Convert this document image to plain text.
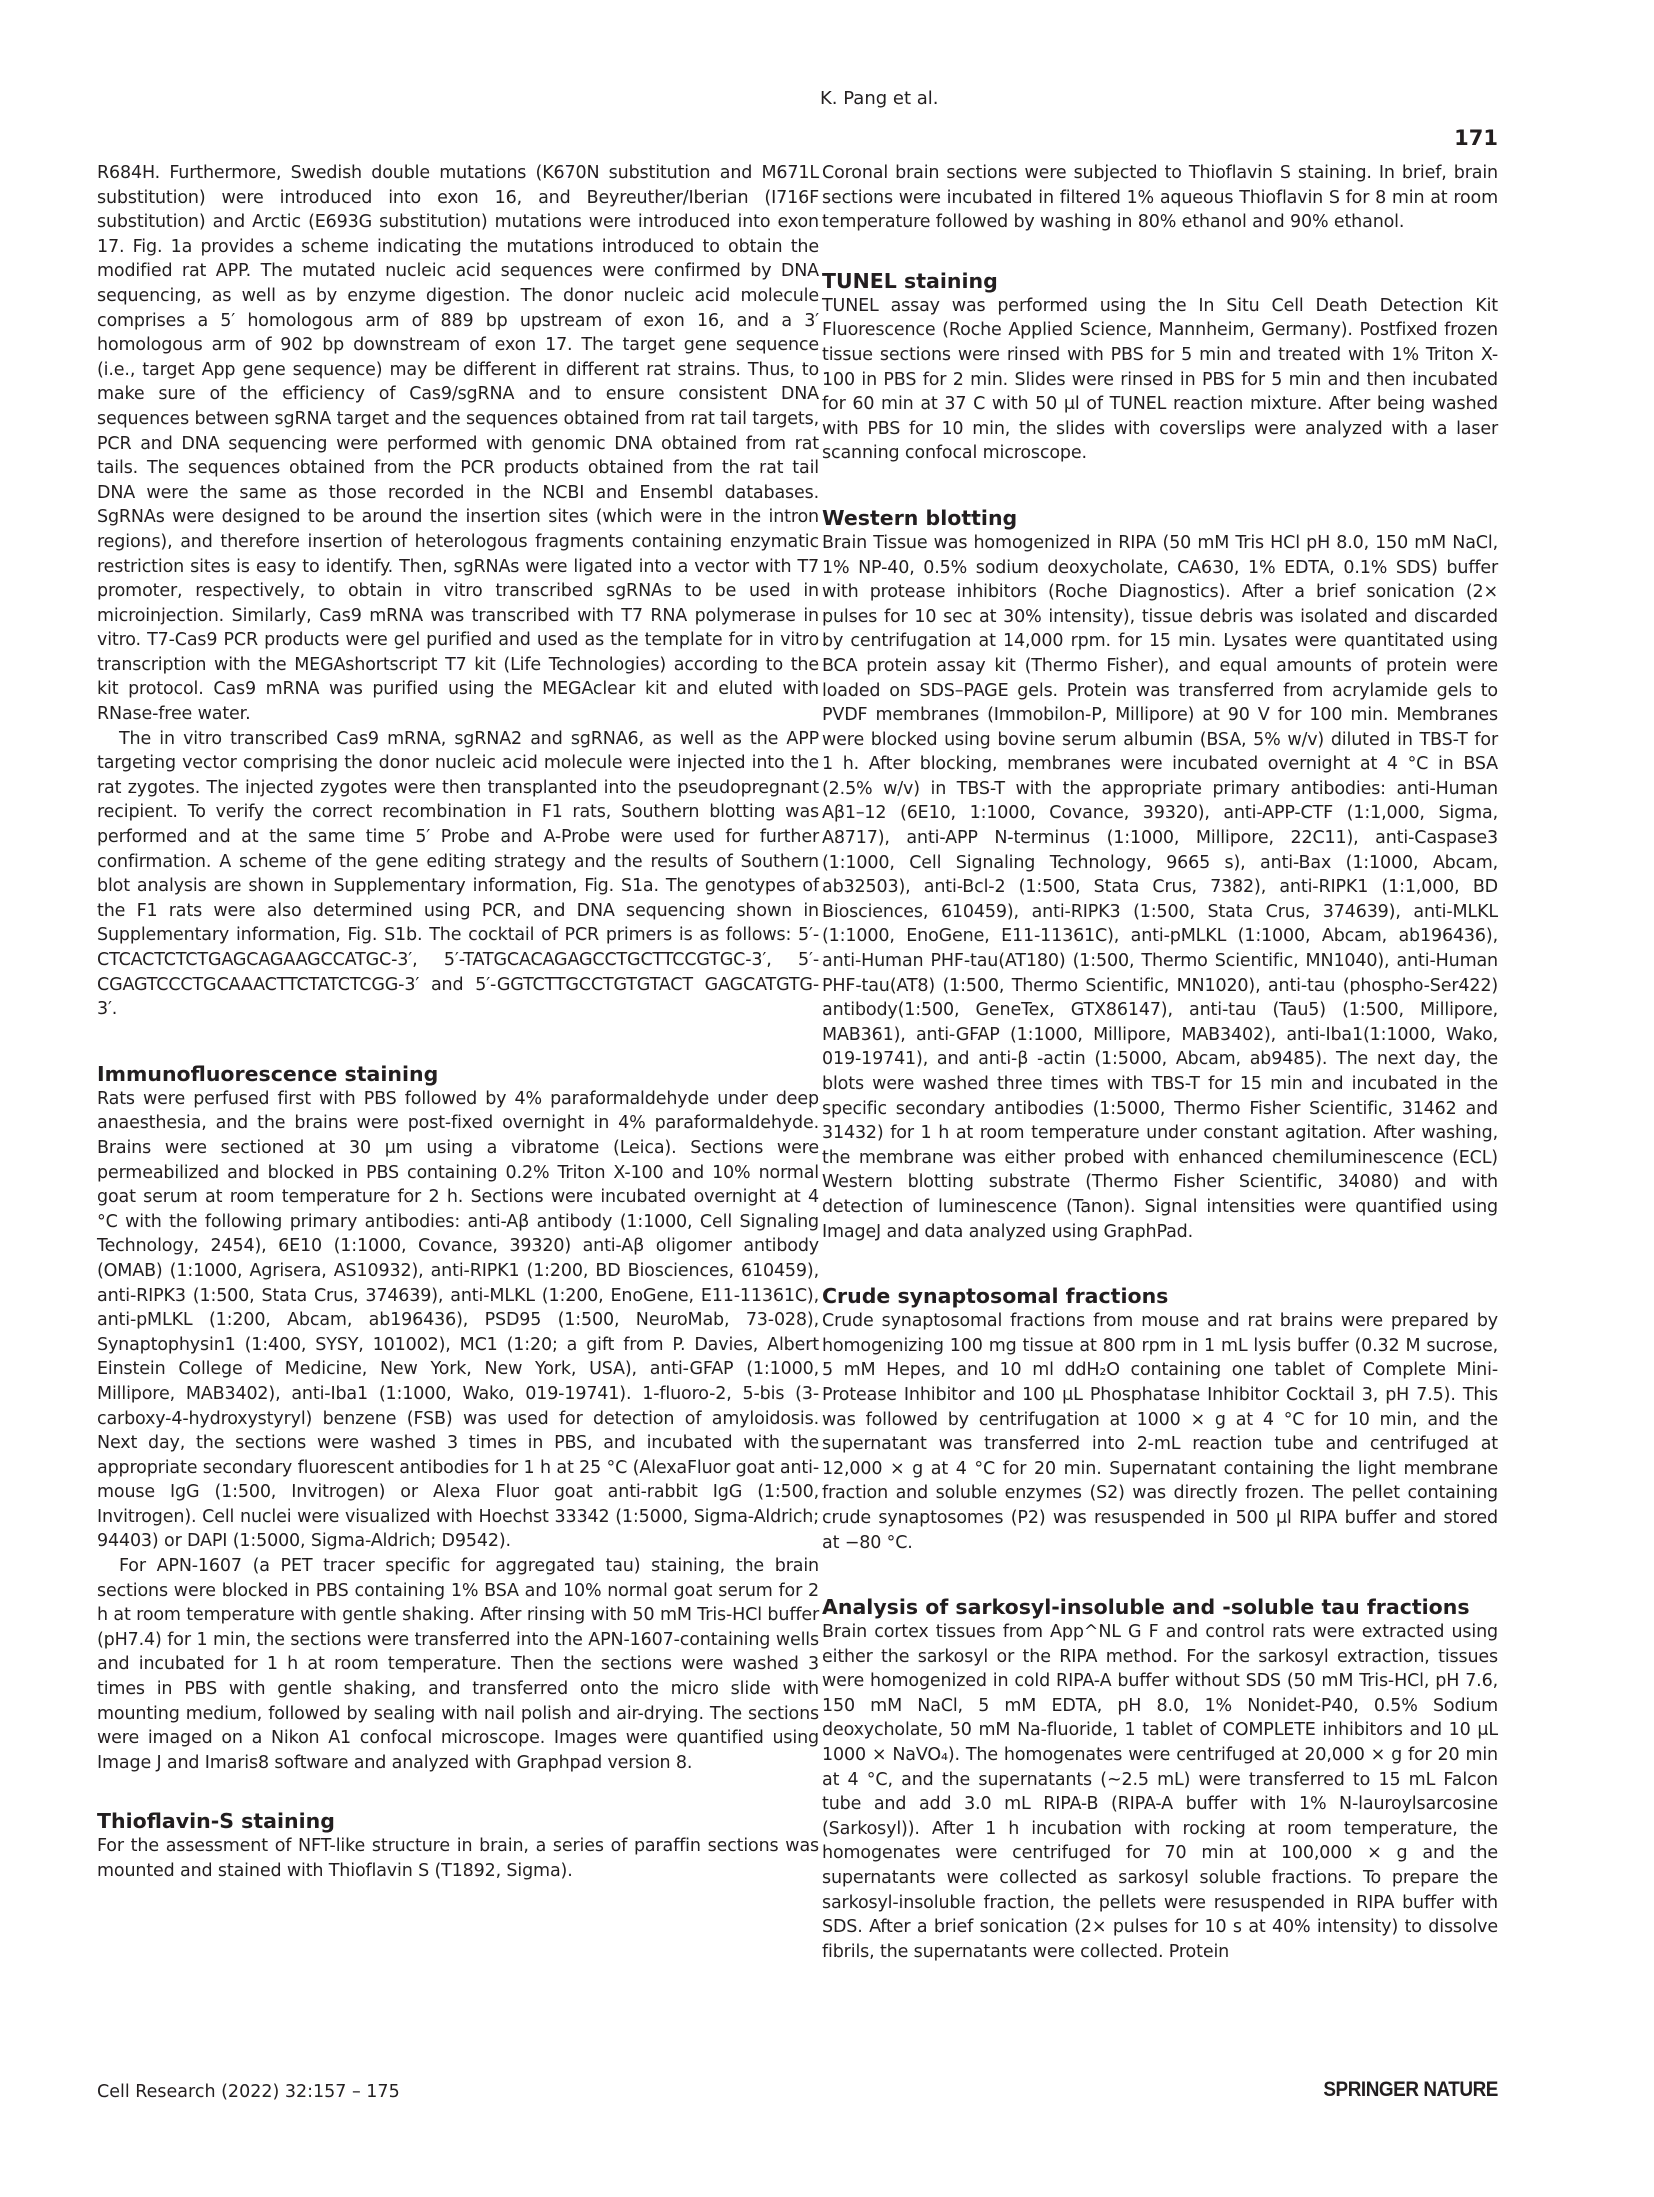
K. Pang et al.
171

R684H. Furthermore, Swedish double mutations (K670N substitution and M671L substitution) were introduced into exon 16, and Beyreuther/Iberian (I716F substitution) and Arctic (E693G substitution) mutations were introduced into exon 17. Fig. 1a provides a scheme indicating the mutations introduced to obtain the modified rat APP. The mutated nucleic acid sequences were confirmed by DNA sequencing, as well as by enzyme digestion. The donor nucleic acid molecule comprises a 5′ homologous arm of 889 bp upstream of exon 16, and a 3′ homologous arm of 902 bp downstream of exon 17. The target gene sequence (i.e., target App gene sequence) may be different in different rat strains. Thus, to make sure of the efficiency of Cas9/sgRNA and to ensure consistent DNA sequences between sgRNA target and the sequences obtained from rat tail targets, PCR and DNA sequencing were performed with genomic DNA obtained from rat tails. The sequences obtained from the PCR products obtained from the rat tail DNA were the same as those recorded in the NCBI and Ensembl databases. SgRNAs were designed to be around the insertion sites (which were in the intron regions), and therefore insertion of heterologous fragments containing enzymatic restriction sites is easy to identify. Then, sgRNAs were ligated into a vector with T7 promoter, respectively, to obtain in vitro transcribed sgRNAs to be used in microinjection. Similarly, Cas9 mRNA was transcribed with T7 RNA polymerase in vitro. T7-Cas9 PCR products were gel purified and used as the template for in vitro transcription with the MEGAshortscript T7 kit (Life Technologies) according to the kit protocol. Cas9 mRNA was purified using the MEGAclear kit and eluted with RNase-free water.

The in vitro transcribed Cas9 mRNA, sgRNA2 and sgRNA6, as well as the APP targeting vector comprising the donor nucleic acid molecule were injected into the rat zygotes. The injected zygotes were then transplanted into the pseudopregnant recipient. To verify the correct recombination in F1 rats, Southern blotting was performed and at the same time 5′ Probe and A-Probe were used for further confirmation. A scheme of the gene editing strategy and the results of Southern blot analysis are shown in Supplementary information, Fig. S1a. The genotypes of the F1 rats were also determined using PCR, and DNA sequencing shown in Supplementary information, Fig. S1b. The cocktail of PCR primers is as follows: 5′-CTCACTCTCTGAGCAGAAGCCATGC-3′, 5′-TATGCACAGAGCCTGCTTCCGTGC-3′, 5′-CGAGTCCCTGCAAACTTCTATCTCGG-3′ and 5′-GGTCTTGCCTGTGTACT GAGCATGTG-3′.

Immunofluorescence staining

Rats were perfused first with PBS followed by 4% paraformaldehyde under deep anaesthesia, and the brains were post-fixed overnight in 4% paraformaldehyde. Brains were sectioned at 30 μm using a vibratome (Leica). Sections were permeabilized and blocked in PBS containing 0.2% Triton X-100 and 10% normal goat serum at room temperature for 2 h. Sections were incubated overnight at 4 °C with the following primary antibodies: anti-Aβ antibody (1:1000, Cell Signaling Technology, 2454), 6E10 (1:1000, Covance, 39320) anti-Aβ oligomer antibody (OMAB) (1:1000, Agrisera, AS10932), anti-RIPK1 (1:200, BD Biosciences, 610459), anti-RIPK3 (1:500, Stata Crus, 374639), anti-MLKL (1:200, EnoGene, E11-11361C), anti-pMLKL (1:200, Abcam, ab196436), PSD95 (1:500, NeuroMab, 73-028), Synaptophysin1 (1:400, SYSY, 101002), MC1 (1:20; a gift from P. Davies, Albert Einstein College of Medicine, New York, New York, USA), anti-GFAP (1:1000, Millipore, MAB3402), anti-Iba1 (1:1000, Wako, 019-19741). 1-fluoro-2, 5-bis (3-carboxy-4-hydroxystyryl) benzene (FSB) was used for detection of amyloidosis. Next day, the sections were washed 3 times in PBS, and incubated with the appropriate secondary fluorescent antibodies for 1 h at 25 °C (AlexaFluor goat anti-mouse IgG (1:500, Invitrogen) or Alexa Fluor goat anti-rabbit IgG (1:500, Invitrogen). Cell nuclei were visualized with Hoechst 33342 (1:5000, Sigma-Aldrich; 94403) or DAPI (1:5000, Sigma-Aldrich; D9542).

For APN-1607 (a PET tracer specific for aggregated tau) staining, the brain sections were blocked in PBS containing 1% BSA and 10% normal goat serum for 2 h at room temperature with gentle shaking. After rinsing with 50 mM Tris-HCl buffer (pH7.4) for 1 min, the sections were transferred into the APN-1607-containing wells and incubated for 1 h at room temperature. Then the sections were washed 3 times in PBS with gentle shaking, and transferred onto the micro slide with mounting medium, followed by sealing with nail polish and air-drying. The sections were imaged on a Nikon A1 confocal microscope. Images were quantified using Image J and Imaris8 software and analyzed with Graphpad version 8.

Thioflavin-S staining

For the assessment of NFT-like structure in brain, a series of paraffin sections was mounted and stained with Thioflavin S (T1892, Sigma).

Coronal brain sections were subjected to Thioflavin S staining. In brief, brain sections were incubated in filtered 1% aqueous Thioflavin S for 8 min at room temperature followed by washing in 80% ethanol and 90% ethanol.

TUNEL staining

TUNEL assay was performed using the In Situ Cell Death Detection Kit Fluorescence (Roche Applied Science, Mannheim, Germany). Postfixed frozen tissue sections were rinsed with PBS for 5 min and treated with 1% Triton X-100 in PBS for 2 min. Slides were rinsed in PBS for 5 min and then incubated for 60 min at 37 C with 50 μl of TUNEL reaction mixture. After being washed with PBS for 10 min, the slides with coverslips were analyzed with a laser scanning confocal microscope.

Western blotting

Brain Tissue was homogenized in RIPA (50 mM Tris HCl pH 8.0, 150 mM NaCl, 1% NP-40, 0.5% sodium deoxycholate, CA630, 1% EDTA, 0.1% SDS) buffer with protease inhibitors (Roche Diagnostics). After a brief sonication (2× pulses for 10 sec at 30% intensity), tissue debris was isolated and discarded by centrifugation at 14,000 rpm. for 15 min. Lysates were quantitated using BCA protein assay kit (Thermo Fisher), and equal amounts of protein were loaded on SDS–PAGE gels. Protein was transferred from acrylamide gels to PVDF membranes (Immobilon-P, Millipore) at 90 V for 100 min. Membranes were blocked using bovine serum albumin (BSA, 5% w/v) diluted in TBS-T for 1 h. After blocking, membranes were incubated overnight at 4 °C in BSA (2.5% w/v) in TBS-T with the appropriate primary antibodies: anti-Human Aβ1–12 (6E10, 1:1000, Covance, 39320), anti-APP-CTF (1:1,000, Sigma, A8717), anti-APP N-terminus (1:1000, Millipore, 22C11), anti-Caspase3 (1:1000, Cell Signaling Technology, 9665 s), anti-Bax (1:1000, Abcam, ab32503), anti-Bcl-2 (1:500, Stata Crus, 7382), anti-RIPK1 (1:1,000, BD Biosciences, 610459), anti-RIPK3 (1:500, Stata Crus, 374639), anti-MLKL (1:1000, EnoGene, E11-11361C), anti-pMLKL (1:1000, Abcam, ab196436), anti-Human PHF-tau(AT180) (1:500, Thermo Scientific, MN1040), anti-Human PHF-tau(AT8) (1:500, Thermo Scientific, MN1020), anti-tau (phospho-Ser422) antibody(1:500, GeneTex, GTX86147), anti-tau (Tau5) (1:500, Millipore, MAB361), anti-GFAP (1:1000, Millipore, MAB3402), anti-Iba1(1:1000, Wako, 019-19741), and anti-β -actin (1:5000, Abcam, ab9485). The next day, the blots were washed three times with TBS-T for 15 min and incubated in the specific secondary antibodies (1:5000, Thermo Fisher Scientific, 31462 and 31432) for 1 h at room temperature under constant agitation. After washing, the membrane was either probed with enhanced chemiluminescence (ECL) Western blotting substrate (Thermo Fisher Scientific, 34080) and with detection of luminescence (Tanon). Signal intensities were quantified using ImageJ and data analyzed using GraphPad.

Crude synaptosomal fractions

Crude synaptosomal fractions from mouse and rat brains were prepared by homogenizing 100 mg tissue at 800 rpm in 1 mL lysis buffer (0.32 M sucrose, 5 mM Hepes, and 10 ml ddH₂O containing one tablet of Complete Mini-Protease Inhibitor and 100 μL Phosphatase Inhibitor Cocktail 3, pH 7.5). This was followed by centrifugation at 1000 × g at 4 °C for 10 min, and the supernatant was transferred into 2-mL reaction tube and centrifuged at 12,000 × g at 4 °C for 20 min. Supernatant containing the light membrane fraction and soluble enzymes (S2) was directly frozen. The pellet containing crude synaptosomes (P2) was resuspended in 500 μl RIPA buffer and stored at −80 °C.

Analysis of sarkosyl-insoluble and -soluble tau fractions

Brain cortex tissues from App^NL G F and control rats were extracted using either the sarkosyl or the RIPA method. For the sarkosyl extraction, tissues were homogenized in cold RIPA-A buffer without SDS (50 mM Tris-HCl, pH 7.6, 150 mM NaCl, 5 mM EDTA, pH 8.0, 1% Nonidet-P40, 0.5% Sodium deoxycholate, 50 mM Na-fluoride, 1 tablet of COMPLETE inhibitors and 10 μL 1000 × NaVO₄). The homogenates were centrifuged at 20,000 × g for 20 min at 4 °C, and the supernatants (~2.5 mL) were transferred to 15 mL Falcon tube and add 3.0 mL RIPA-B (RIPA-A buffer with 1% N-lauroylsarcosine (Sarkosyl)). After 1 h incubation with rocking at room temperature, the homogenates were centrifuged for 70 min at 100,000 × g and the supernatants were collected as sarkosyl soluble fractions. To prepare the sarkosyl-insoluble fraction, the pellets were resuspended in RIPA buffer with SDS. After a brief sonication (2× pulses for 10 s at 40% intensity) to dissolve fibrils, the supernatants were collected. Protein

Cell Research (2022) 32:157 – 175	SPRINGER NATURE
